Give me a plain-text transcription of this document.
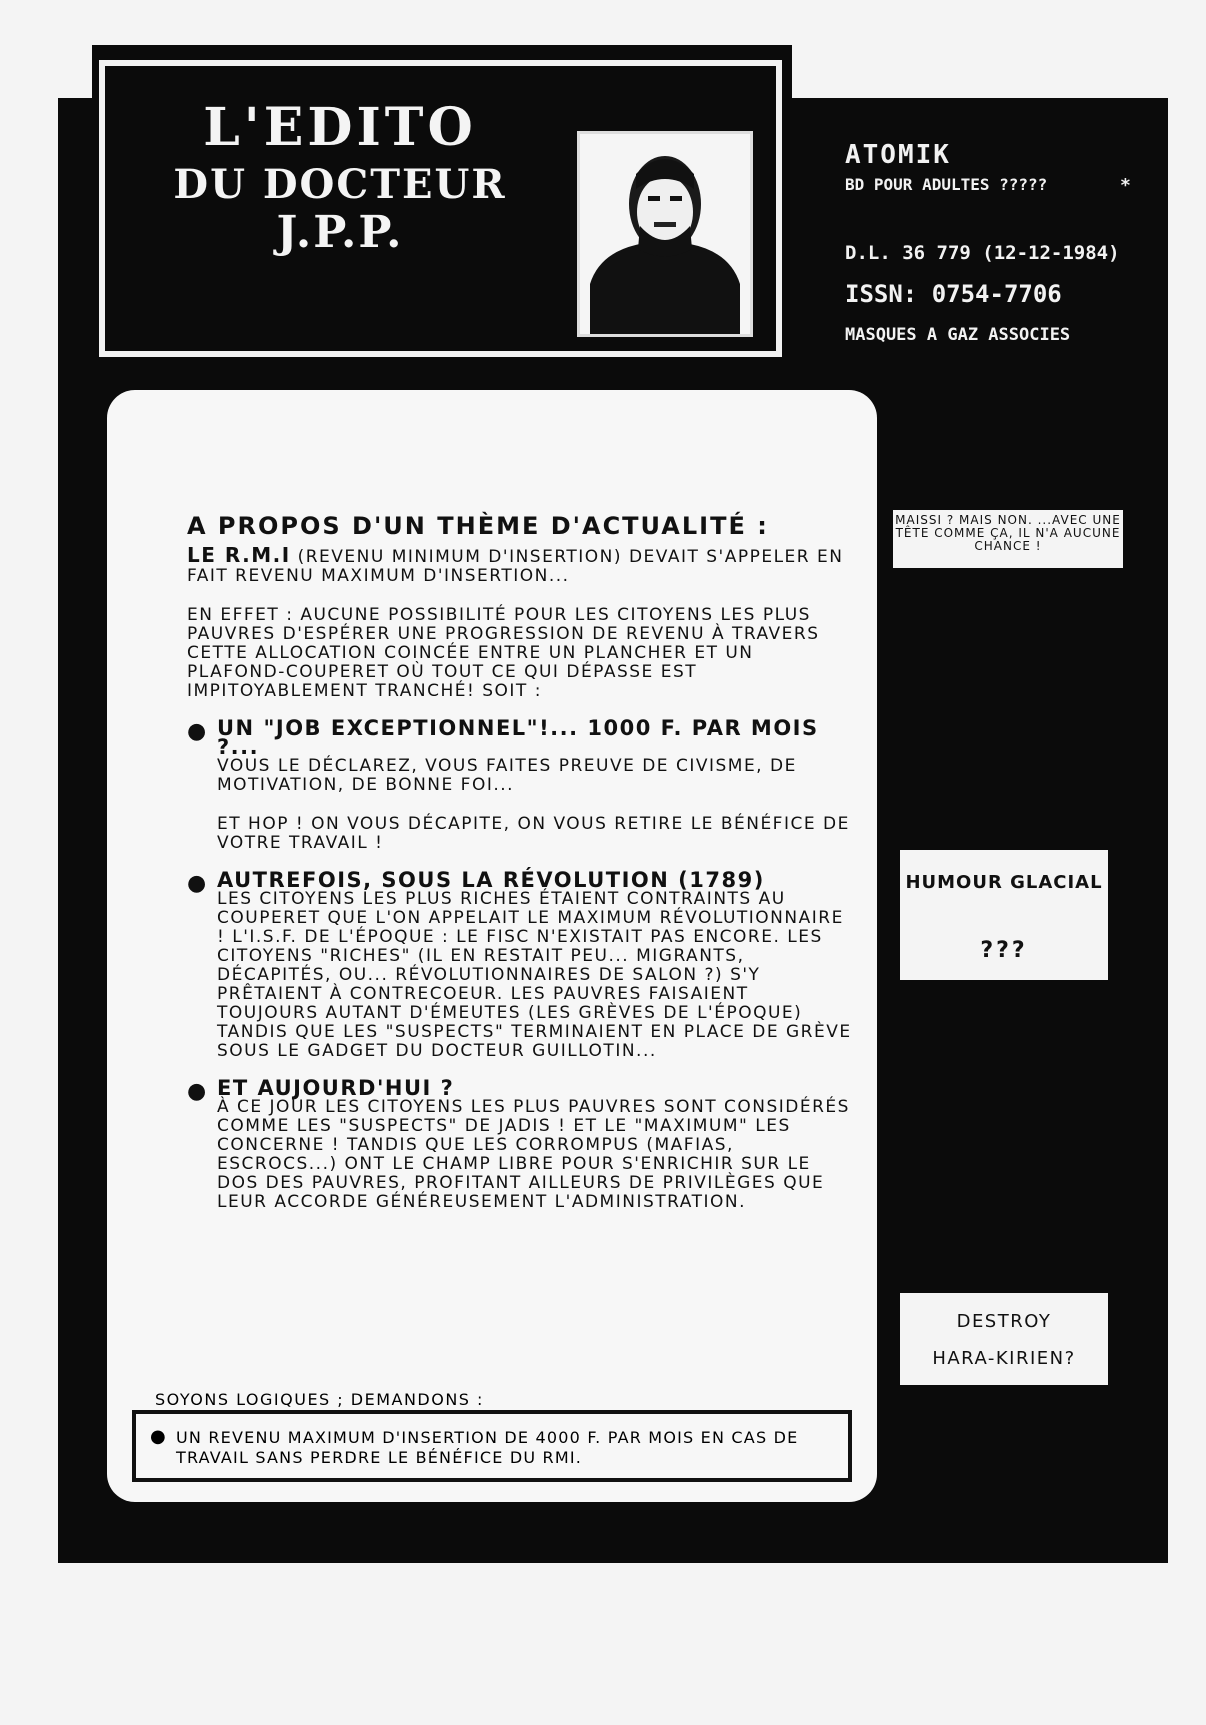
L'EDITO
DU DOCTEUR
J.P.P.
ATOMIK
BD POUR ADULTES ?????	*
D.L. 36 779 (12-12-1984)
ISSN: 0754-7706
MASQUES A GAZ ASSOCIES

A PROPOS D'UN THÈME D'ACTUALITÉ :

LE R.M.I (REVENU MINIMUM D'INSERTION) DEVAIT S'APPELER EN FAIT REVENU MAXIMUM D'INSERTION...

EN EFFET : AUCUNE POSSIBILITÉ POUR LES CITOYENS LES PLUS PAUVRES D'ESPÉRER UNE PROGRESSION DE REVENU À TRAVERS CETTE ALLOCATION COINCÉE ENTRE UN PLANCHER ET UN PLAFOND-COUPERET OÙ TOUT CE QUI DÉPASSE EST IMPITOYABLEMENT TRANCHÉ! SOIT :

● UN "JOB EXCEPTIONNEL"!... 1000 F. PAR MOIS ?...
VOUS LE DÉCLAREZ, VOUS FAITES PREUVE DE CIVISME, DE MOTIVATION, DE BONNE FOI...
ET HOP ! ON VOUS DÉCAPITE, ON VOUS RETIRE LE BÉNÉFICE DE VOTRE TRAVAIL !
● AUTREFOIS, SOUS LA RÉVOLUTION (1789)
LES CITOYENS LES PLUS RICHES ÉTAIENT CONTRAINTS AU COUPERET QUE L'ON APPELAIT LE MAXIMUM RÉVOLUTIONNAIRE ! L'I.S.F. DE L'ÉPOQUE : LE FISC N'EXISTAIT PAS ENCORE. LES CITOYENS "RICHES" (IL EN RESTAIT PEU... MIGRANTS, DÉCAPITÉS, OU... RÉVOLUTIONNAIRES DE SALON ?) S'Y PRÊTAIENT À CONTRECOEUR. LES PAUVRES FAISAIENT TOUJOURS AUTANT D'ÉMEUTES (LES GRÈVES DE L'ÉPOQUE) TANDIS QUE LES "SUSPECTS" TERMINAIENT EN PLACE DE GRÈVE SOUS LE GADGET DU DOCTEUR GUILLOTIN...
● ET AUJOURD'HUI ?
À CE JOUR LES CITOYENS LES PLUS PAUVRES SONT CONSIDÉRÉS COMME LES "SUSPECTS" DE JADIS ! ET LE "MAXIMUM" LES CONCERNE ! TANDIS QUE LES CORROMPUS (MAFIAS, ESCROCS...) ONT LE CHAMP LIBRE POUR S'ENRICHIR SUR LE DOS DES PAUVRES, PROFITANT AILLEURS DE PRIVILÈGES QUE LEUR ACCORDE GÉNÉREUSEMENT L'ADMINISTRATION.
SOYONS LOGIQUES ; DEMANDONS :
● UN REVENU MAXIMUM D'INSERTION DE 4000 F. PAR MOIS EN CAS DE TRAVAIL SANS PERDRE LE BÉNÉFICE DU RMI.
MAISSI ? MAIS NON. ...AVEC UNE TÊTE COMME ÇA, IL N'A AUCUNE CHANCE !
HUMOUR GLACIAL
???
DESTROY
HARA-KIRIEN?
